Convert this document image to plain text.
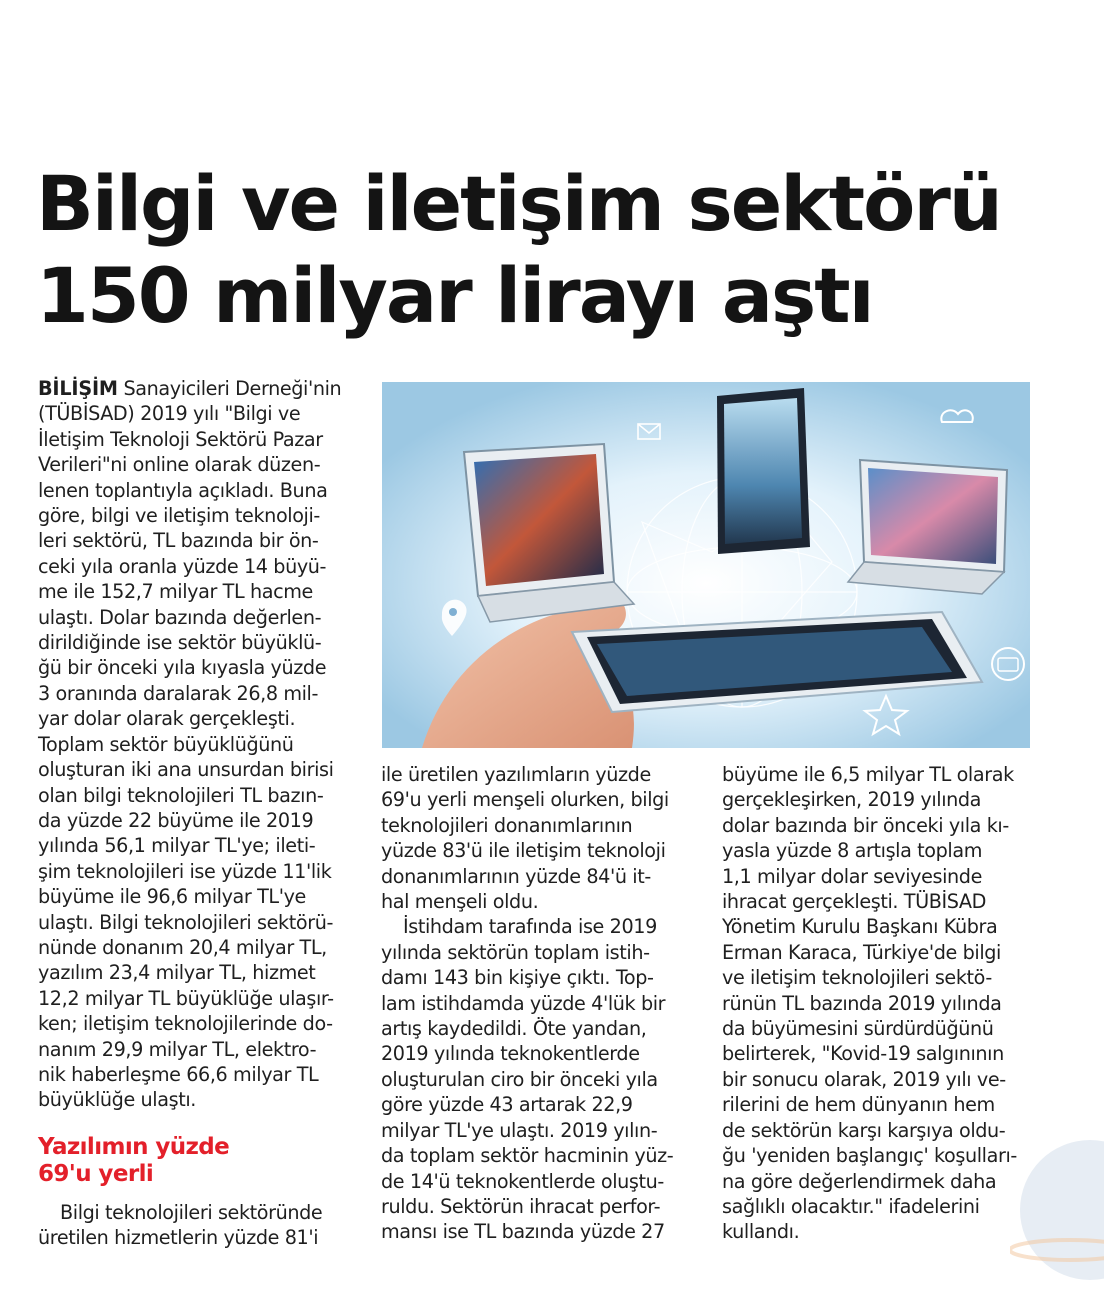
Bilgi ve iletişim sektörü
150 milyar lirayı aştı
BİLİŞİM Sanayicileri Derneği'nin
(TÜBİSAD) 2019 yılı "Bilgi ve
İletişim Teknoloji Sektörü Pazar
Verileri"ni online olarak düzen-
lenen toplantıyla açıkladı. Buna
göre, bilgi ve iletişim teknoloji-
leri sektörü, TL bazında bir ön-
ceki yıla oranla yüzde 14 büyü-
me ile 152,7 milyar TL hacme
ulaştı. Dolar bazında değerlen-
dirildiğinde ise sektör büyüklü-
ğü bir önceki yıla kıyasla yüzde
3 oranında daralarak 26,8 mil-
yar dolar olarak gerçekleşti.
Toplam sektör büyüklüğünü
oluşturan iki ana unsurdan birisi
olan bilgi teknolojileri TL bazın-
da yüzde 22 büyüme ile 2019
yılında 56,1 milyar TL'ye; ileti-
şim teknolojileri ise yüzde 11'lik
büyüme ile 96,6 milyar TL'ye
ulaştı. Bilgi teknolojileri sektörü-
nünde donanım 20,4 milyar TL,
yazılım 23,4 milyar TL, hizmet
12,2 milyar TL büyüklüğe ulaşır-
ken; iletişim teknolojilerinde do-
nanım 29,9 milyar TL, elektro-
nik haberleşme 66,6 milyar TL
büyüklüğe ulaştı.
Yazılımın yüzde
69'u yerli
Bilgi teknolojileri sektöründe
üretilen hizmetlerin yüzde 81'i
ile üretilen yazılımların yüzde
69'u yerli menşeli olurken, bilgi
teknolojileri donanımlarının
yüzde 83'ü ile iletişim teknoloji
donanımlarının yüzde 84'ü it-
hal menşeli oldu.
İstihdam tarafında ise 2019
yılında sektörün toplam istih-
damı 143 bin kişiye çıktı. Top-
lam istihdamda yüzde 4'lük bir
artış kaydedildi. Öte yandan,
2019 yılında teknokentlerde
oluşturulan ciro bir önceki yıla
göre yüzde 43 artarak 22,9
milyar TL'ye ulaştı. 2019 yılın-
da toplam sektör hacminin yüz-
de 14'ü teknokentlerde oluştu-
ruldu. Sektörün ihracat perfor-
mansı ise TL bazında yüzde 27
büyüme ile 6,5 milyar TL olarak
gerçekleşirken, 2019 yılında
dolar bazında bir önceki yıla kı-
yasla yüzde 8 artışla toplam
1,1 milyar dolar seviyesinde
ihracat gerçekleşti. TÜBİSAD
Yönetim Kurulu Başkanı Kübra
Erman Karaca, Türkiye'de bilgi
ve iletişim teknolojileri sektö-
rünün TL bazında 2019 yılında
da büyümesini sürdürdüğünü
belirterek, "Kovid-19 salgınının
bir sonucu olarak, 2019 yılı ve-
rilerini de hem dünyanın hem
de sektörün karşı karşıya oldu-
ğu 'yeniden başlangıç' koşulları-
na göre değerlendirmek daha
sağlıklı olacaktır." ifadelerini
kullandı.
